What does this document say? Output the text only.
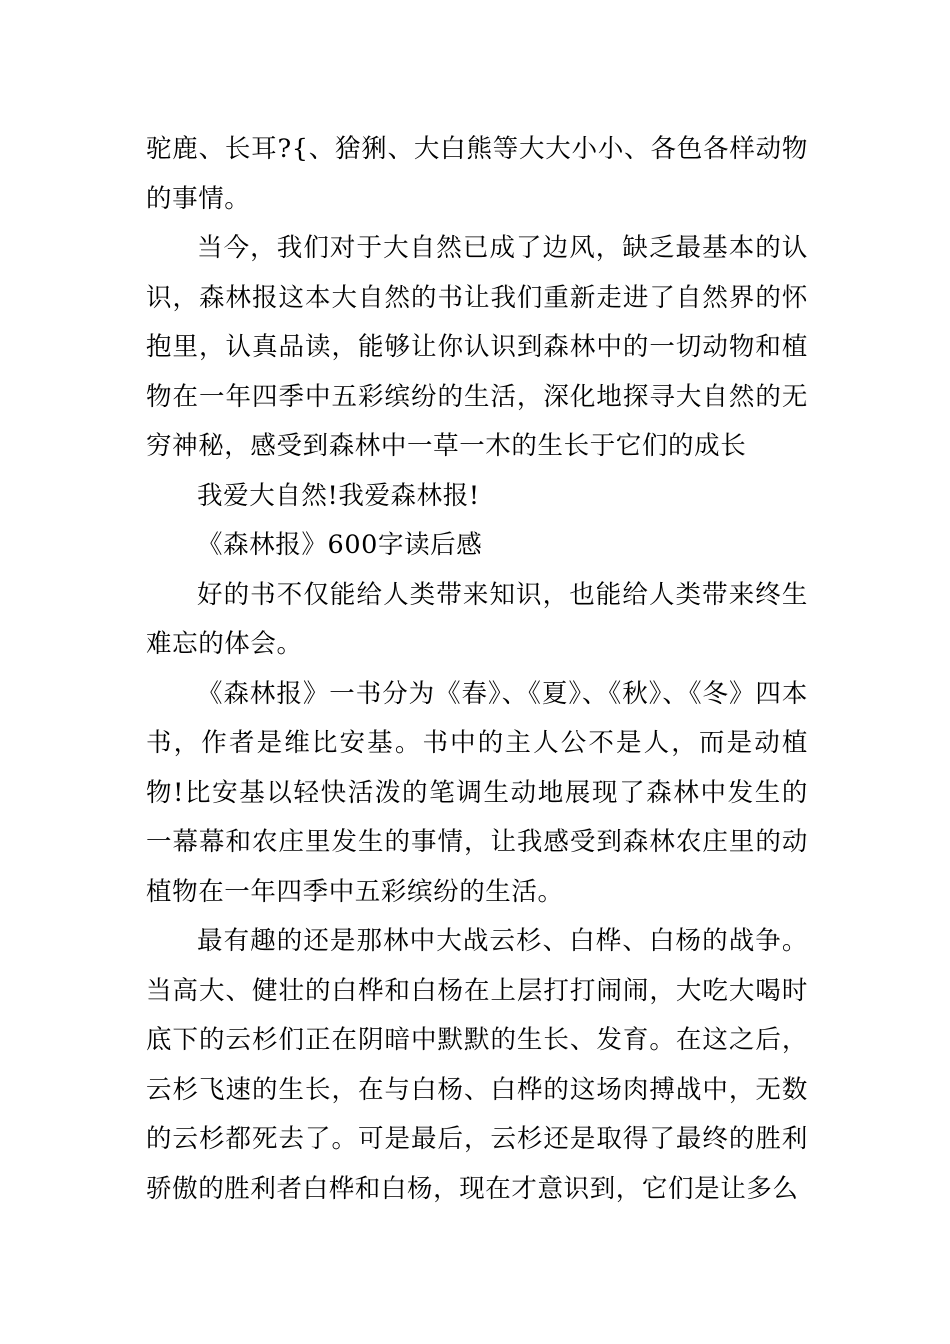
驼鹿、长耳?{、猞猁、大白熊等大大小小、各色各样动物的事情。

当今，我们对于大自然已成了边风，缺乏最基本的认识，森林报这本大自然的书让我们重新走进了自然界的怀抱里，认真品读，能够让你认识到森林中的一切动物和植物在一年四季中五彩缤纷的生活，深化地探寻大自然的无穷神秘，感受到森林中一草一木的生长于它们的成长

我爱大自然!我爱森林报!

《森林报》600字读后感

好的书不仅能给人类带来知识，也能给人类带来终生难忘的体会。

《森林报》一书分为《春》、《夏》、《秋》、《冬》四本书，作者是维比安基。书中的主人公不是人，而是动植物!比安基以轻快活泼的笔调生动地展现了森林中发生的一幕幕和农庄里发生的事情，让我感受到森林农庄里的动植物在一年四季中五彩缤纷的生活。

最有趣的还是那林中大战云杉、白桦、白杨的战争。当高大、健壮的白桦和白杨在上层打打闹闹，大吃大喝时底下的云杉们正在阴暗中默默的生长、发育。在这之后，云杉飞速的生长，在与白杨、白桦的这场肉搏战中，无数的云杉都死去了。可是最后，云杉还是取得了最终的胜利骄傲的胜利者白桦和白杨，现在才意识到，它们是让多么
